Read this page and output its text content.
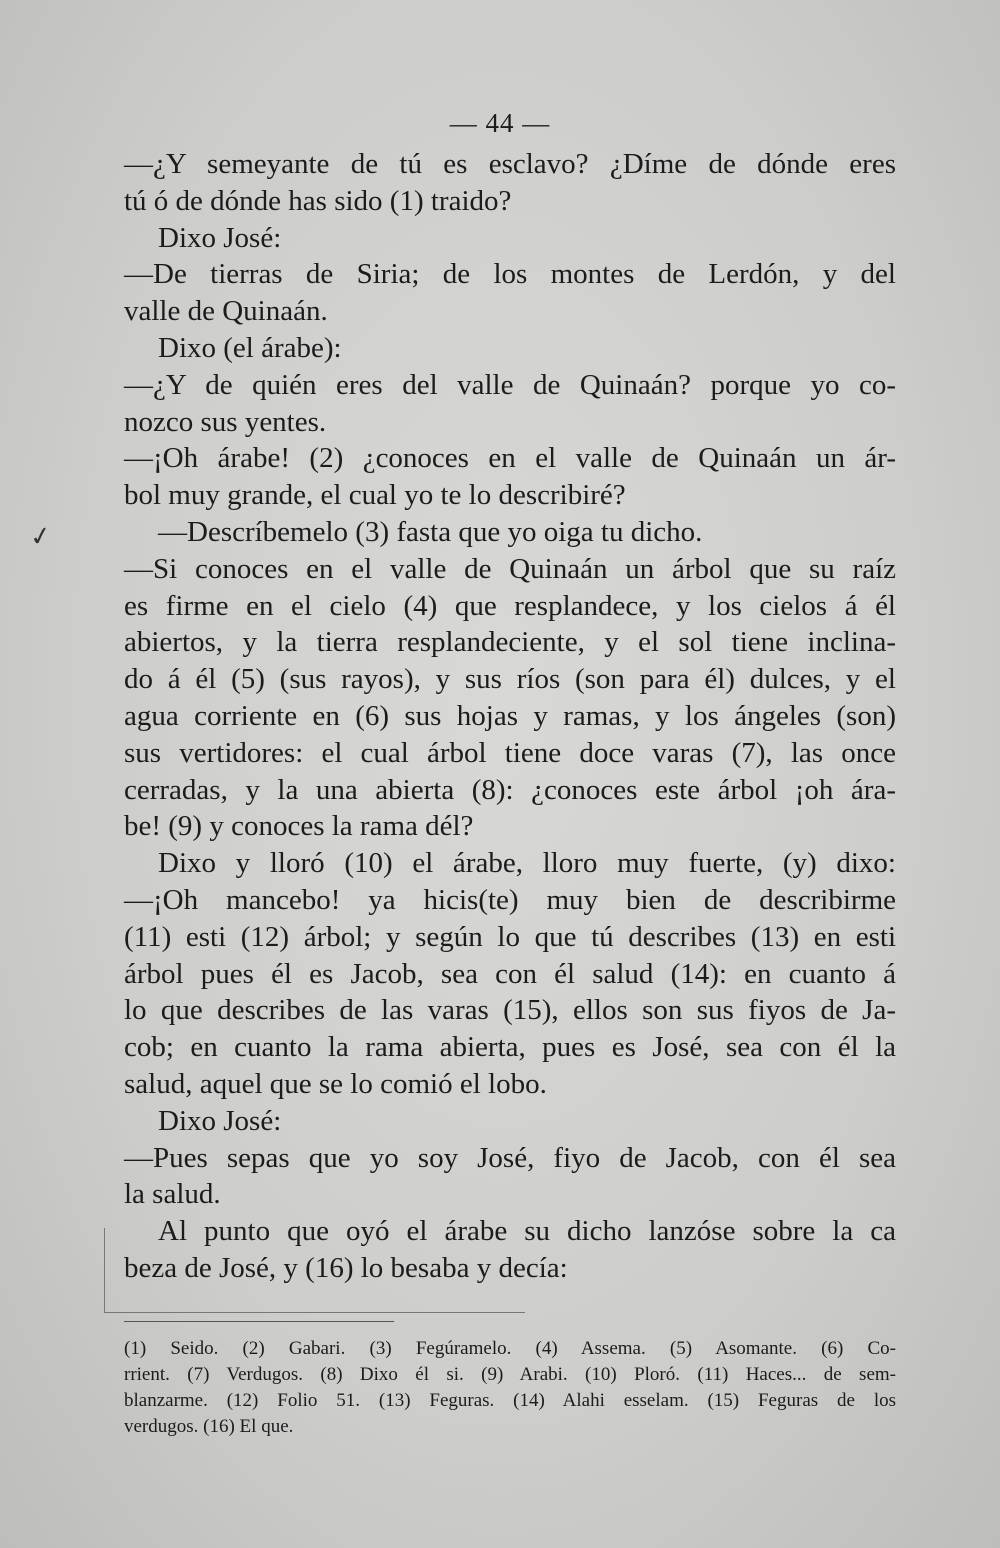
— 44 —
✓
—¿Y semeyante de tú es esclavo? ¿Díme de dónde eres
tú ó de dónde has sido (1) traido?
Dixo José:
—De tierras de Siria; de los montes de Lerdón, y del
valle de Quinaán.
Dixo (el árabe):
—¿Y de quién eres del valle de Quinaán? porque yo co-
nozco sus yentes.
—¡Oh árabe! (2) ¿conoces en el valle de Quinaán un ár-
bol muy grande, el cual yo te lo describiré?
—Descríbemelo (3) fasta que yo oiga tu dicho.
—Si conoces en el valle de Quinaán un árbol que su raíz
es firme en el cielo (4) que resplandece, y los cielos á él
abiertos, y la tierra resplandeciente, y el sol tiene inclina-
do á él (5) (sus rayos), y sus ríos (son para él) dulces, y el
agua corriente en (6) sus hojas y ramas, y los ángeles (son)
sus vertidores: el cual árbol tiene doce varas (7), las once
cerradas, y la una abierta (8): ¿conoces este árbol ¡oh ára-
be! (9) y conoces la rama dél?
Dixo y lloró (10) el árabe, lloro muy fuerte, (y) dixo:
—¡Oh mancebo! ya hicis(te) muy bien de describirme
(11) esti (12) árbol; y según lo que tú describes (13) en esti
árbol pues él es Jacob, sea con él salud (14): en cuanto á
lo que describes de las varas (15), ellos son sus fiyos de Ja-
cob; en cuanto la rama abierta, pues es José, sea con él la
salud, aquel que se lo comió el lobo.
Dixo José:
—Pues sepas que yo soy José, fiyo de Jacob, con él sea
la salud.
Al punto que oyó el árabe su dicho lanzóse sobre la ca
beza de José, y (16) lo besaba y decía:
(1) Seido. (2) Gabari. (3) Fegúramelo. (4) Assema. (5) Asomante. (6) Co-
rrient. (7) Verdugos. (8) Dixo él si. (9) Arabi. (10) Ploró. (11) Haces... de sem-
blanzarme. (12) Folio 51. (13) Feguras. (14) Alahi esselam. (15) Feguras de los
verdugos. (16) El que.
